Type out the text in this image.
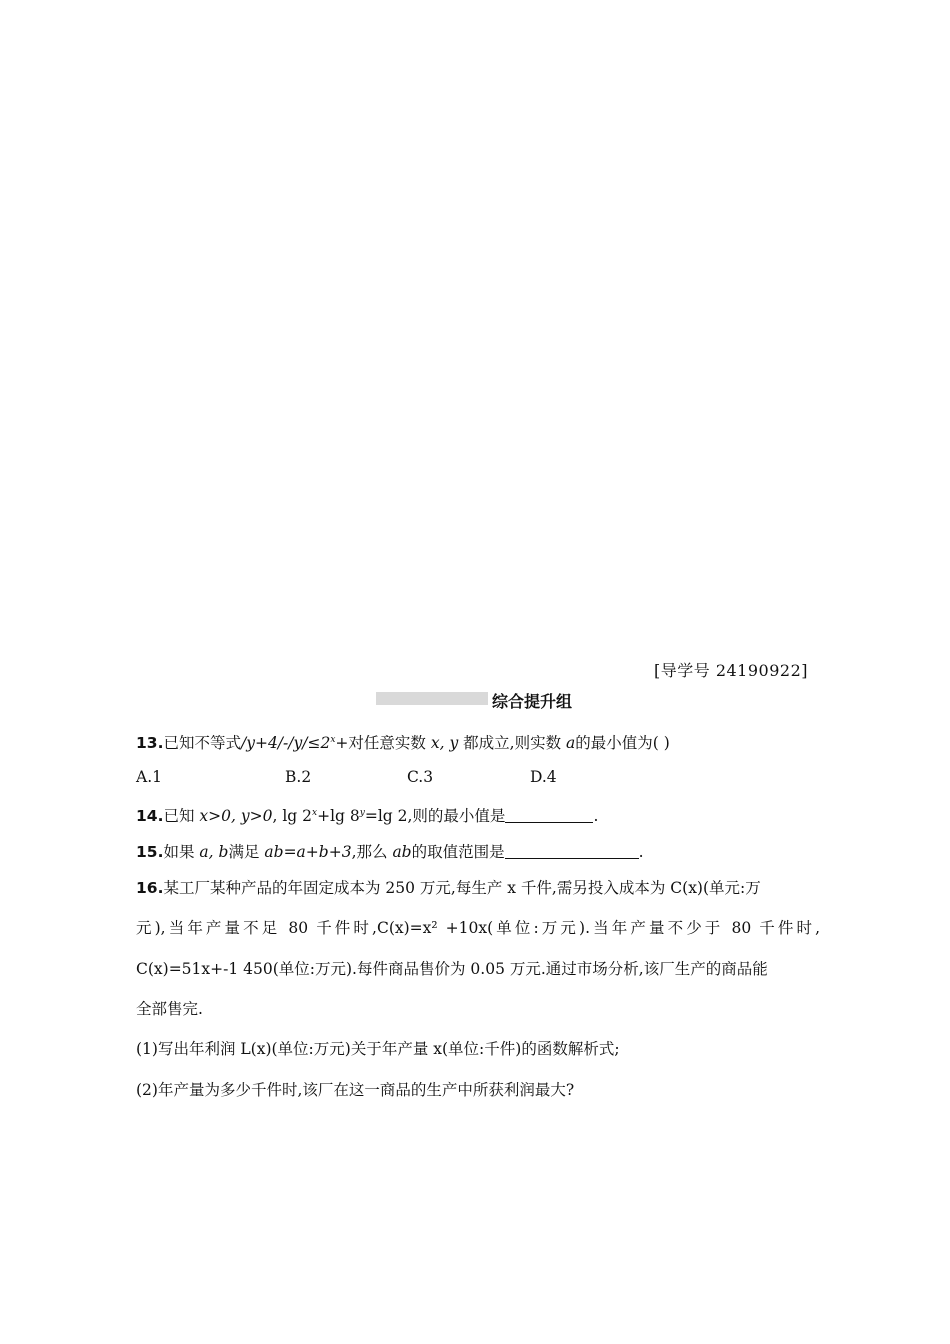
[导学号 24190922]
综合提升组
13.已知不等式$/y+4/-/y/\le 2^x+$对任意实数 x, y 都成立,则实数 a的最小值为( )
A.1	B.2	C.3	D.4
14.已知 x>0, y>0, $\lg 2^x+\lg$ $8^y=\lg$ 2,则的最小值是	.
15.如果 a, b满足 ab=a+b+3,那么 ab的取值范围是	.
16.某工厂某种产品的年固定成本为 250 万元,每生产 x 千件,需另投入成本为 C(x)(单元:万
元),当年产量不足 80 千件时,C(x)=x² +10x(单位:万元).当年产量不少于 80 千件时,
C(x)=51x+-1 450(单位:万元).每件商品售价为 0.05 万元.通过市场分析,该厂生产的商品能
全部售完.
(1)写出年利润 L(x)(单位:万元)关于年产量 x(单位:千件)的函数解析式;
(2)年产量为多少千件时,该厂在这一商品的生产中所获利润最大?
